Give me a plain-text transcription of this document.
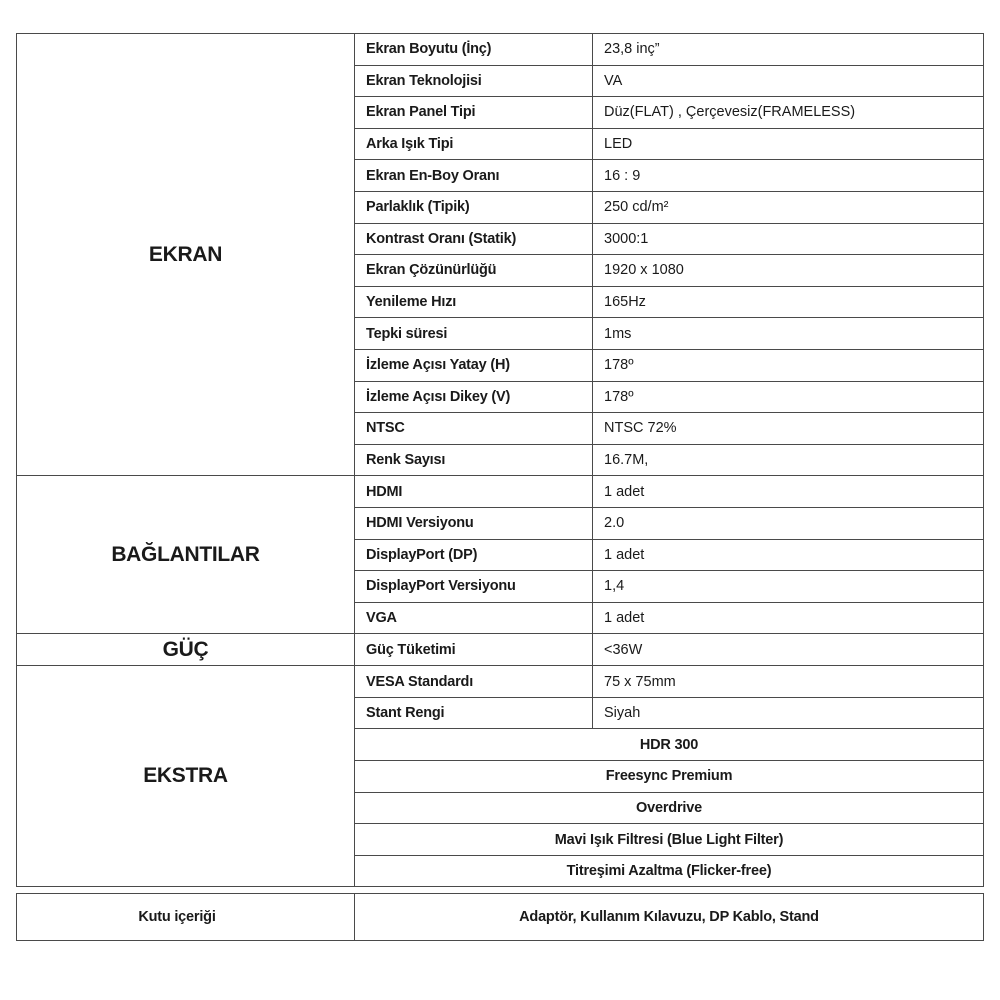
EKRAN	Ekran Boyutu (İnç)	23,8 inç”
	Ekran Teknolojisi	VA
	Ekran Panel Tipi	Düz(FLAT) , Çerçevesiz(FRAMELESS)
	Arka Işık Tipi	LED
	Ekran En-Boy Oranı	16 : 9
	Parlaklık (Tipik)	250 cd/m²
	Kontrast Oranı (Statik)	3000:1
	Ekran Çözünürlüğü	1920 x 1080
	Yenileme Hızı	165Hz
	Tepki süresi	1ms
	İzleme Açısı Yatay (H)	178º
	İzleme Açısı Dikey (V)	178º
	NTSC	NTSC 72%
	Renk Sayısı	16.7M,
BAĞLANTILAR	HDMI	1 adet
	HDMI Versiyonu	2.0
	DisplayPort (DP)	1 adet
	DisplayPort Versiyonu	1,4
	VGA	1 adet
GÜÇ	Güç Tüketimi	<36W
EKSTRA	VESA Standardı	75 x 75mm
	Stant Rengi	Siyah
	HDR 300	
	Freesync Premium	
	Overdrive	
	Mavi Işık Filtresi (Blue Light Filter)	
	Titreşimi Azaltma (Flicker-free)	
Kutu içeriği	Adaptör, Kullanım Kılavuzu, DP Kablo, Stand
